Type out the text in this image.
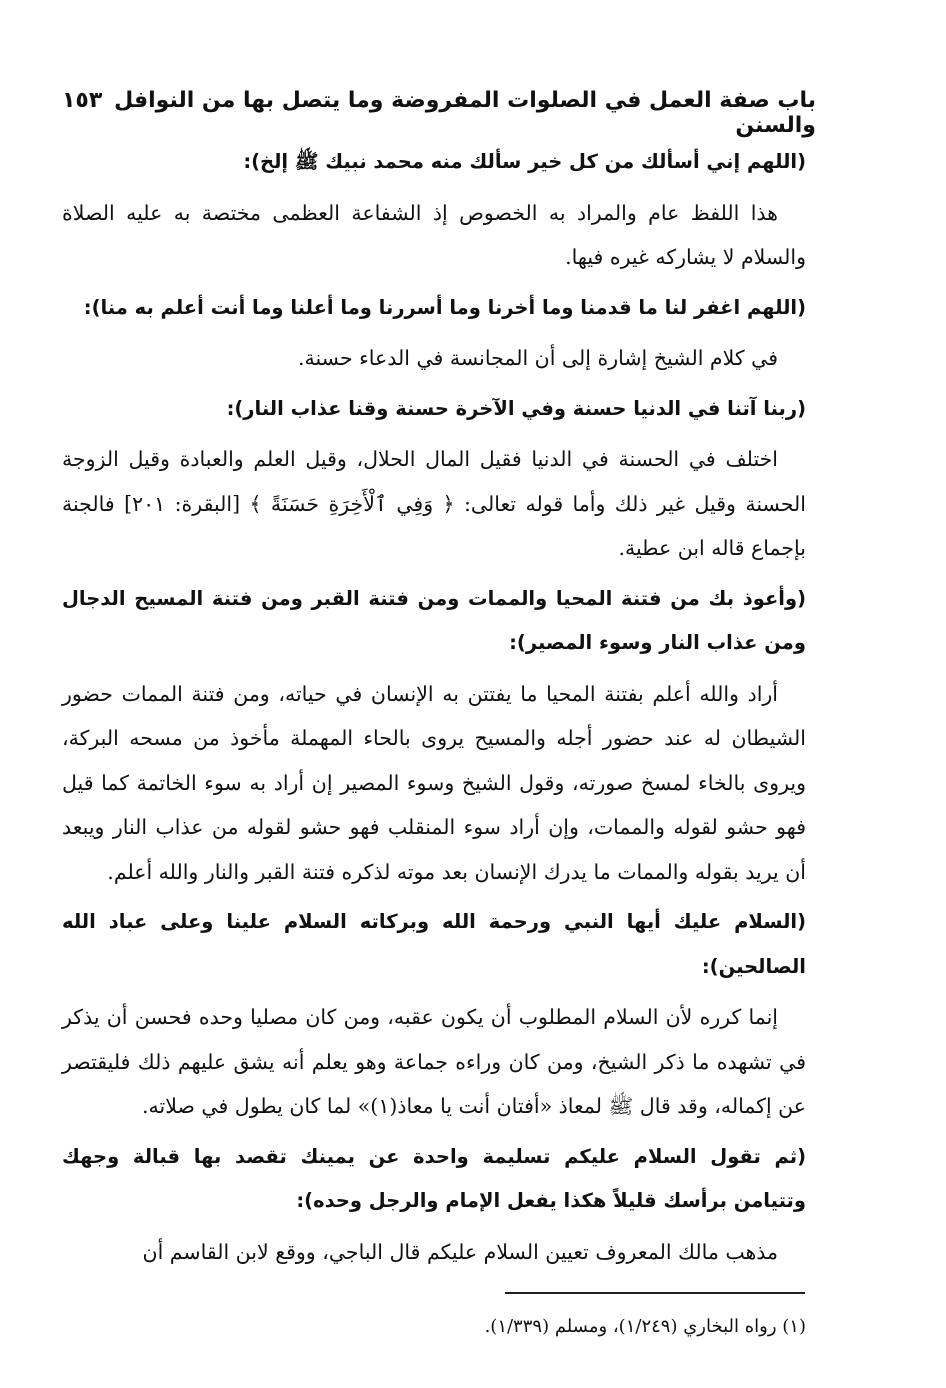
باب صفة العمل في الصلوات المفروضة وما يتصل بها من النوافل والسنن
١٥٣

(اللهم إني أسألك من كل خير سألك منه محمد نبيك ﷺ إلخ):

هذا اللفظ عام والمراد به الخصوص إذ الشفاعة العظمى مختصة به عليه الصلاة والسلام لا يشاركه غيره فيها.

(اللهم اغفر لنا ما قدمنا وما أخرنا وما أسررنا وما أعلنا وما أنت أعلم به منا):

في كلام الشيخ إشارة إلى أن المجانسة في الدعاء حسنة.

(ربنا آتنا في الدنيا حسنة وفي الآخرة حسنة وقنا عذاب النار):

اختلف في الحسنة في الدنيا فقيل المال الحلال، وقيل العلم والعبادة وقيل الزوجة الحسنة وقيل غير ذلك وأما قوله تعالى: ﴿ وَفِي ٱلْأَخِرَةِ حَسَنَةً ﴾ [البقرة: ٢٠١] فالجنة بإجماع قاله ابن عطية.

(وأعوذ بك من فتنة المحيا والممات ومن فتنة القبر ومن فتنة المسيح الدجال ومن عذاب النار وسوء المصير):

أراد والله أعلم بفتنة المحيا ما يفتتن به الإنسان في حياته، ومن فتنة الممات حضور الشيطان له عند حضور أجله والمسيح يروى بالحاء المهملة مأخوذ من مسحه البركة، ويروى بالخاء لمسخ صورته، وقول الشيخ وسوء المصير إن أراد به سوء الخاتمة كما قيل فهو حشو لقوله والممات، وإن أراد سوء المنقلب فهو حشو لقوله من عذاب النار ويبعد أن يريد بقوله والممات ما يدرك الإنسان بعد موته لذكره فتنة القبر والنار والله أعلم.

(السلام عليك أيها النبي ورحمة الله وبركاته السلام علينا وعلى عباد الله الصالحين):

إنما كرره لأن السلام المطلوب أن يكون عقبه، ومن كان مصليا وحده فحسن أن يذكر في تشهده ما ذكر الشيخ، ومن كان وراءه جماعة وهو يعلم أنه يشق عليهم ذلك فليقتصر عن إكماله، وقد قال ﷺ لمعاذ «أفتان أنت يا معاذ(١)» لما كان يطول في صلاته.

(ثم تقول السلام عليكم تسليمة واحدة عن يمينك تقصد بها قبالة وجهك وتتيامن برأسك قليلاً هكذا يفعل الإمام والرجل وحده):

مذهب مالك المعروف تعيين السلام عليكم قال الباجي، ووقع لابن القاسم أن

(١) رواه البخاري (١/٢٤٩)، ومسلم (١/٣٣٩).
